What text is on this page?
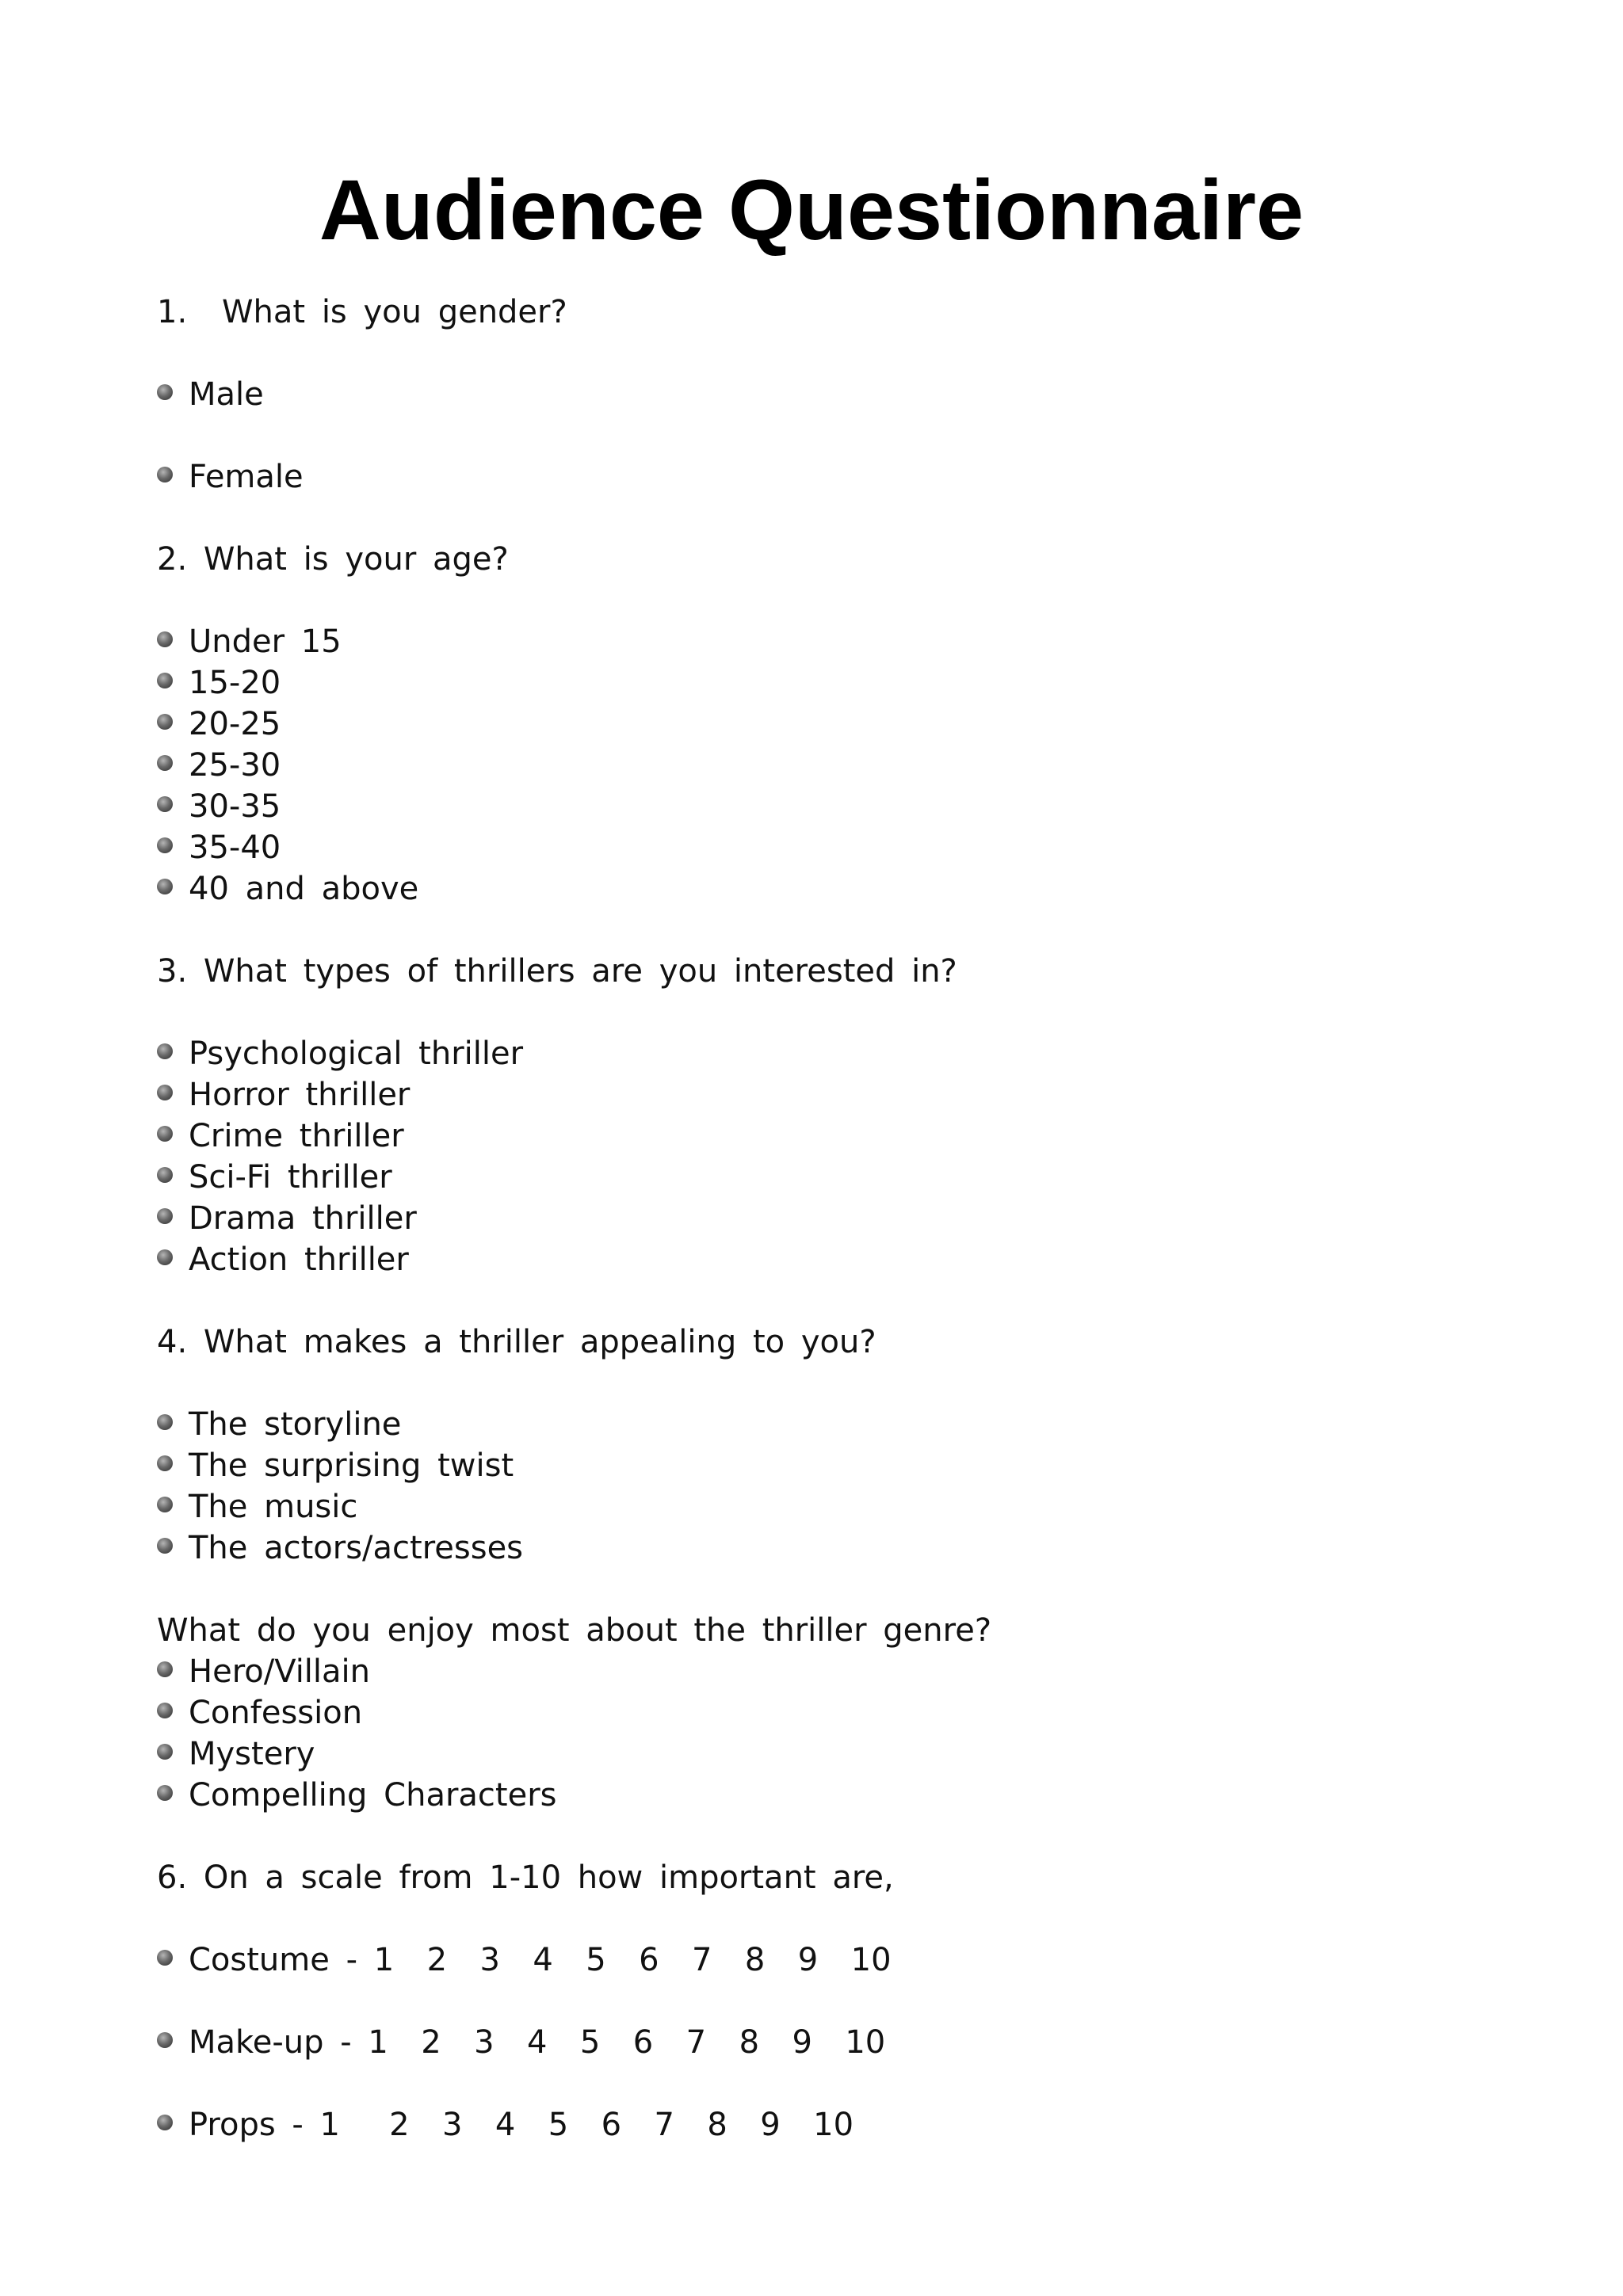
Audience Questionnaire
1. What is you gender?
Male
Female
2. What is your age?
Under 15
15-20
20-25
25-30
30-35
35-40
40 and above
3. What types of thrillers are you interested in?
Psychological thriller
Horror thriller
Crime thriller
Sci-Fi thriller
Drama thriller
Action thriller
4. What makes a thriller appealing to you?
The storyline
The surprising twist
The music
The actors/actresses
What do you enjoy most about the thriller genre?
Hero/Villain
Confession
Mystery
Compelling Characters
6. On a scale from 1-10 how important are,
Costume - 1  2  3  4  5  6  7  8  9  10
Make-up - 1  2  3  4  5  6  7  8  9  10
Props - 1   2  3  4  5  6  7  8  9  10
